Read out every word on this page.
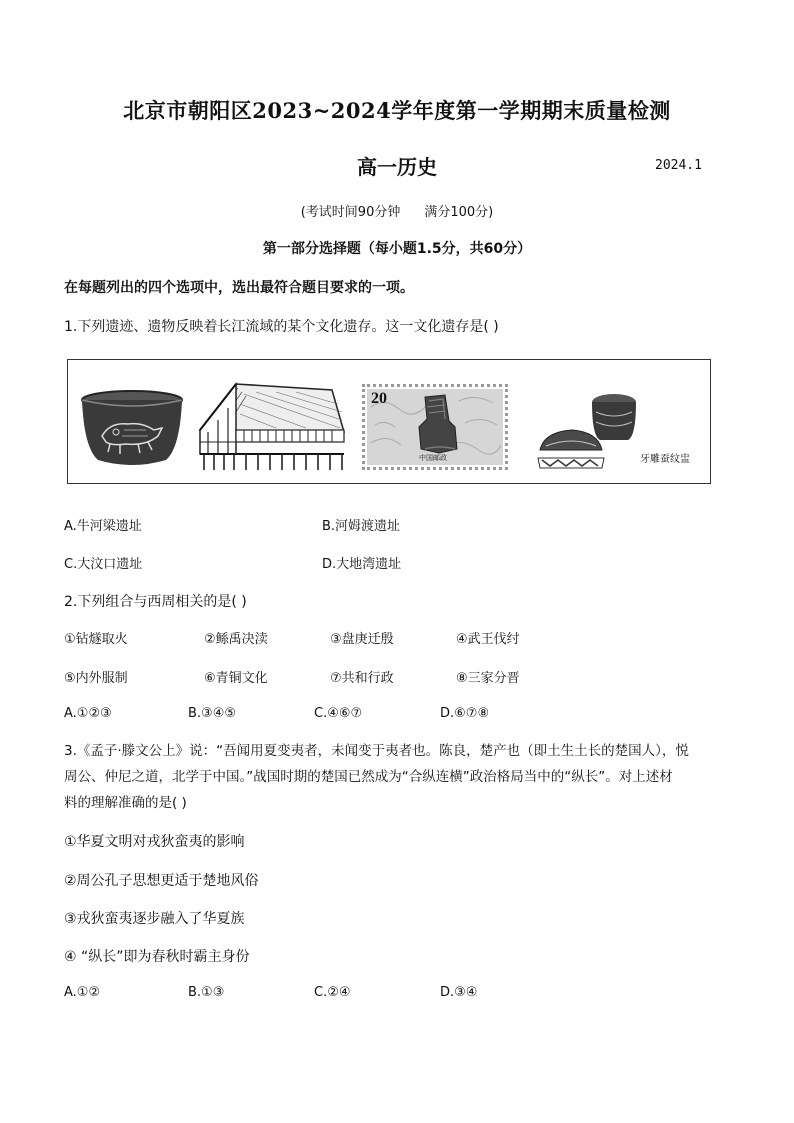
北京市朝阳区2023~2024学年度第一学期期末质量检测
高一历史	2024.1
(考试时间90分钟 满分100分)
第一部分选择题（每小题1.5分，共60分）
在每题列出的四个选项中，选出最符合题目要求的一项。
1.下列遗迹、遗物反映着长江流域的某个文化遗存。这一文化遗存是( )
20
中国邮政	牙雕蚕纹盅
A.牛河梁遗址	B.河姆渡遗址
C.大汶口遗址	D.大地湾遗址
2.下列组合与西周相关的是( )
①钻燧取火	②鲧禹决渎	③盘庚迁殷	④武王伐纣
⑤内外服制	⑥青铜文化	⑦共和行政	⑧三家分晋
A.①②③	B.③④⑤	C.④⑥⑦	D.⑥⑦⑧
3.《孟子·滕文公上》说：“吾闻用夏变夷者，未闻变于夷者也。陈良，楚产也（即土生土长的楚国人），悦
周公、仲尼之道，北学于中国。”战国时期的楚国已然成为“合纵连横”政治格局当中的“纵长”。对上述材
料的理解准确的是( )
①华夏文明对戎狄蛮夷的影响
②周公孔子思想更适于楚地风俗
③戎狄蛮夷逐步融入了华夏族
④ “纵长”即为春秋时霸主身份
A.①②	B.①③	C.②④	D.③④
